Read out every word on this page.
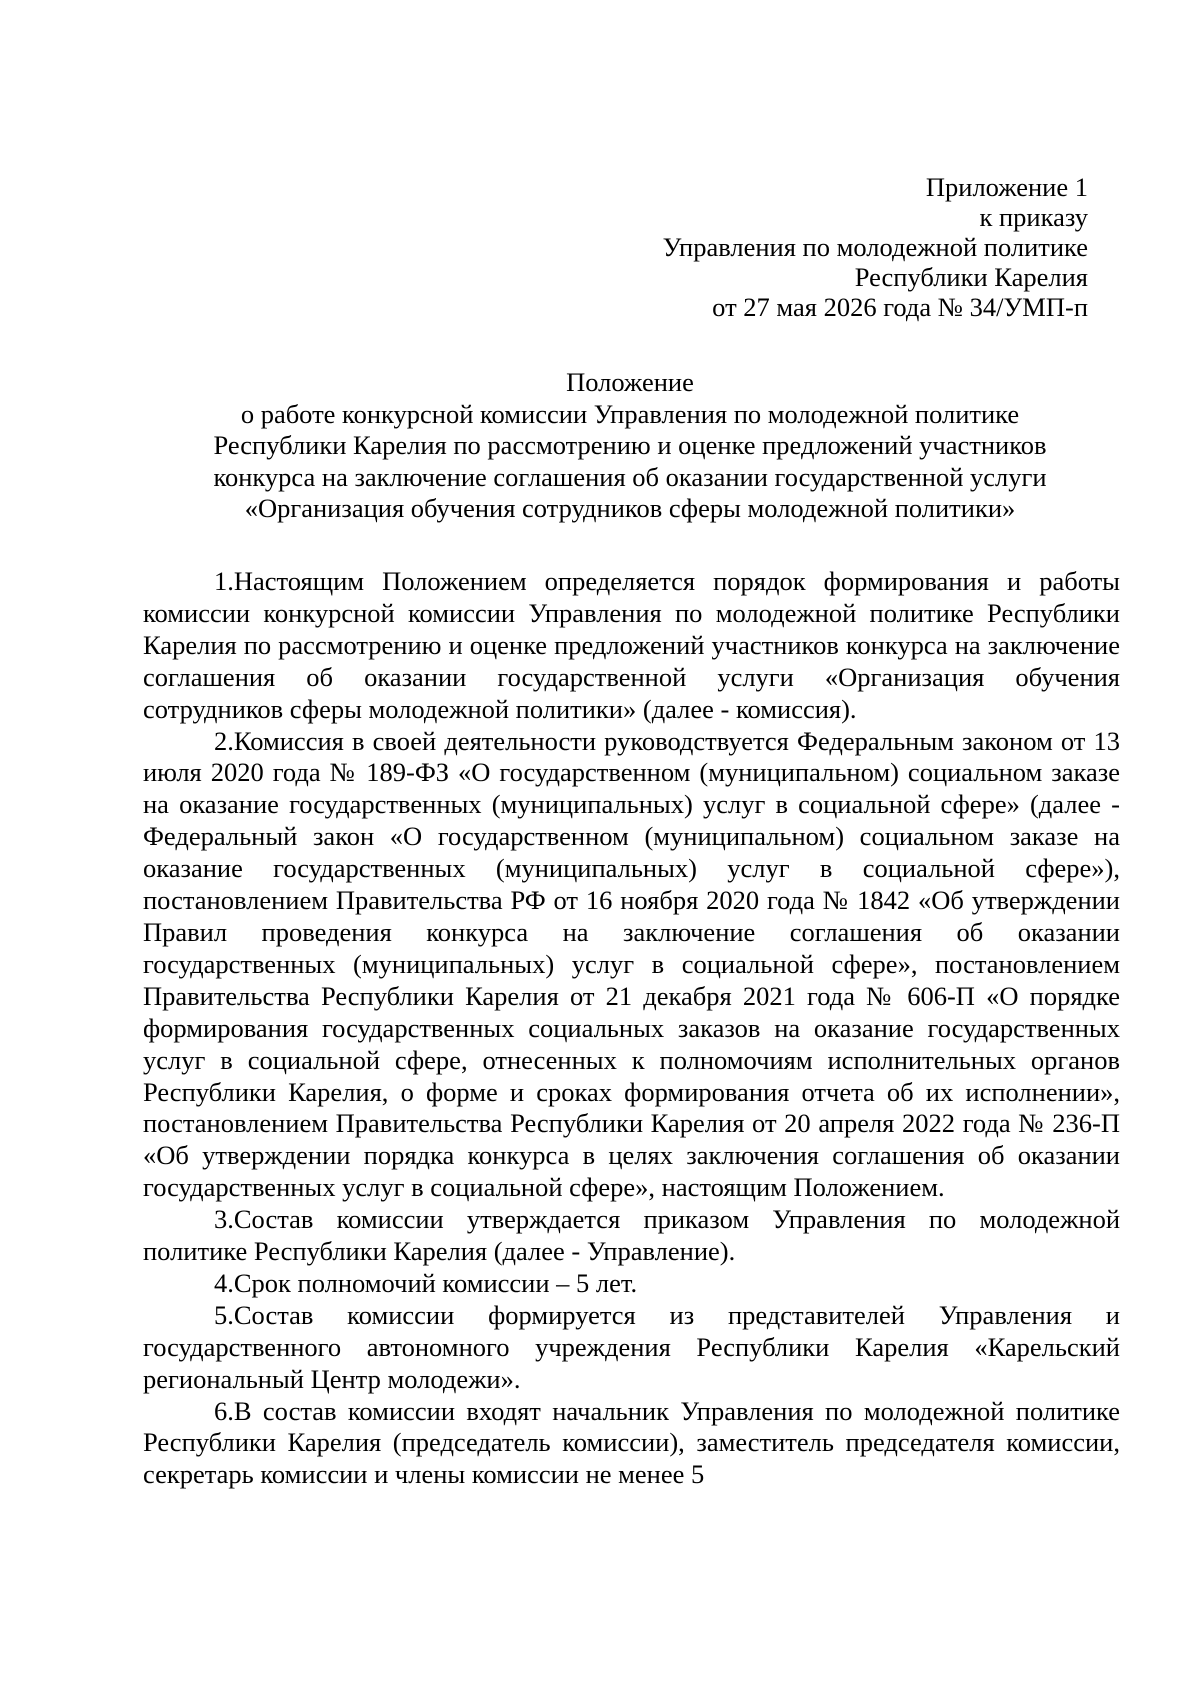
Приложение 1
к приказу
Управления по молодежной политике
Республики Карелия
от 27 мая 2026 года № 34/УМП-п
Положение
о работе конкурсной комиссии Управления по молодежной политике
Республики Карелия по рассмотрению и оценке предложений участников
конкурса на заключение соглашения об оказании государственной услуги
«Организация обучения сотрудников сферы молодежной политики»

1.Настоящим Положением определяется порядок формирования и работы комиссии конкурсной комиссии Управления по молодежной политике Республики Карелия по рассмотрению и оценке предложений участников конкурса на заключение соглашения об оказании государственной услуги «Организация обучения сотрудников сферы молодежной политики» (далее - комиссия).

2.Комиссия в своей деятельности руководствуется Федеральным законом от 13 июля 2020 года № 189-ФЗ «О государственном (муниципальном) социальном заказе на оказание государственных (муниципальных) услуг в социальной сфере» (далее - Федеральный закон «О государственном (муниципальном) социальном заказе на оказание государственных (муниципальных) услуг в социальной сфере»), постановлением Правительства РФ от 16 ноября 2020 года № 1842 «Об утверждении Правил проведения конкурса на заключение соглашения об оказании государственных (муниципальных) услуг в социальной сфере», постановлением Правительства Республики Карелия от 21 декабря 2021 года № 606-П «О порядке формирования государственных социальных заказов на оказание государственных услуг в социальной сфере, отнесенных к полномочиям исполнительных органов Республики Карелия, о форме и сроках формирования отчета об их исполнении», постановлением Правительства Республики Карелия от 20 апреля 2022 года № 236-П «Об утверждении порядка конкурса в целях заключения соглашения об оказании государственных услуг в социальной сфере», настоящим Положением.

3.Состав комиссии утверждается приказом Управления по молодежной политике Республики Карелия (далее - Управление).

4.Срок полномочий комиссии – 5 лет.

5.Состав комиссии формируется из представителей Управления и государственного автономного учреждения Республики Карелия «Карельский региональный Центр молодежи».

6.В состав комиссии входят начальник Управления по молодежной политике Республики Карелия (председатель комиссии), заместитель председателя комиссии, секретарь комиссии и члены комиссии не менее 5
